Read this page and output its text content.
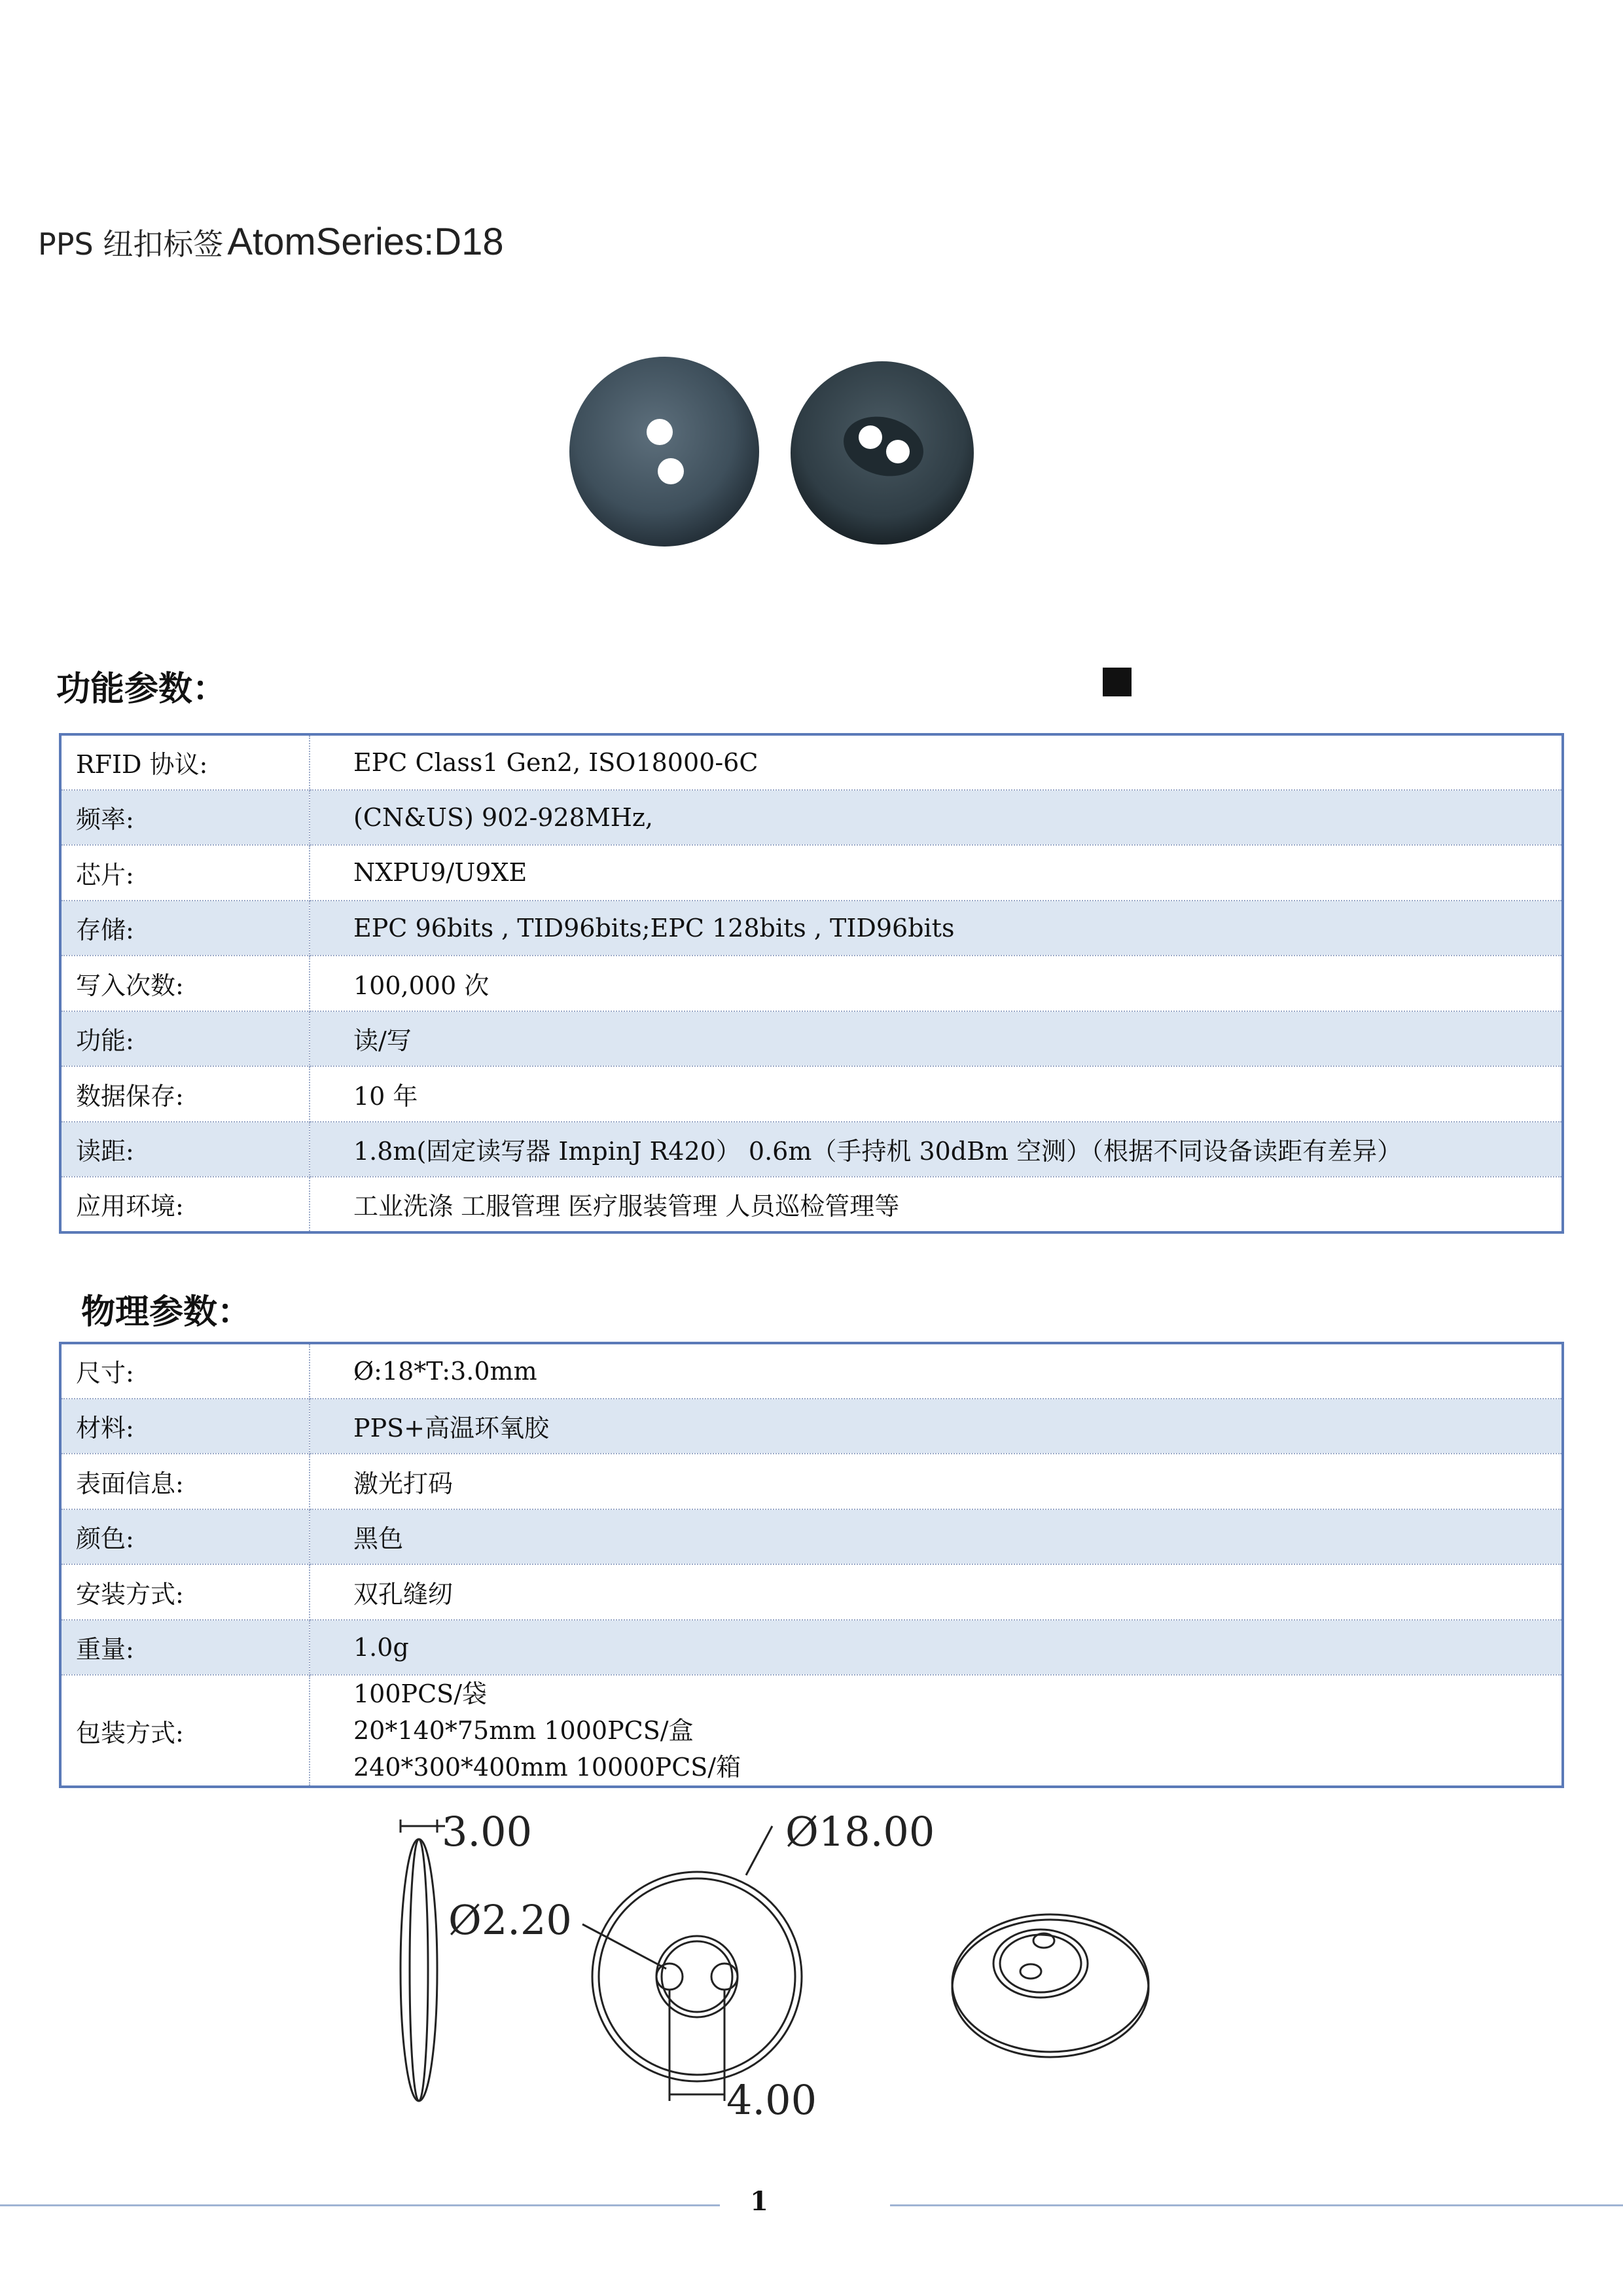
PPS 纽扣标签 AtomSeries:D18
功能参数：
RFID 协议:	EPC Class1 Gen2, ISO18000-6C
频率:	(CN&US) 902-928MHz,
芯片:	NXPU9/U9XE
存储:	EPC 96bits , TID96bits;EPC 128bits , TID96bits
写入次数:	100,000 次
功能:	读/写
数据保存:	10 年
读距:	1.8m(固定读写器 ImpinJ R420） 0.6m（手持机 30dBm 空测）（根据不同设备读距有差异）
应用环境:	工业洗涤 工服管理 医疗服装管理 人员巡检管理等
物理参数：
尺寸:	Ø:18*T:3.0mm
材料:	PPS+高温环氧胶
表面信息:	激光打码
颜色:	黑色
安装方式:	双孔缝纫
重量:	1.0g
包装方式:	100PCS/袋
20*140*75mm 1000PCS/盒
240*300*400mm 10000PCS/箱
3.00
Ø2.20
Ø18.00
4.00
1
